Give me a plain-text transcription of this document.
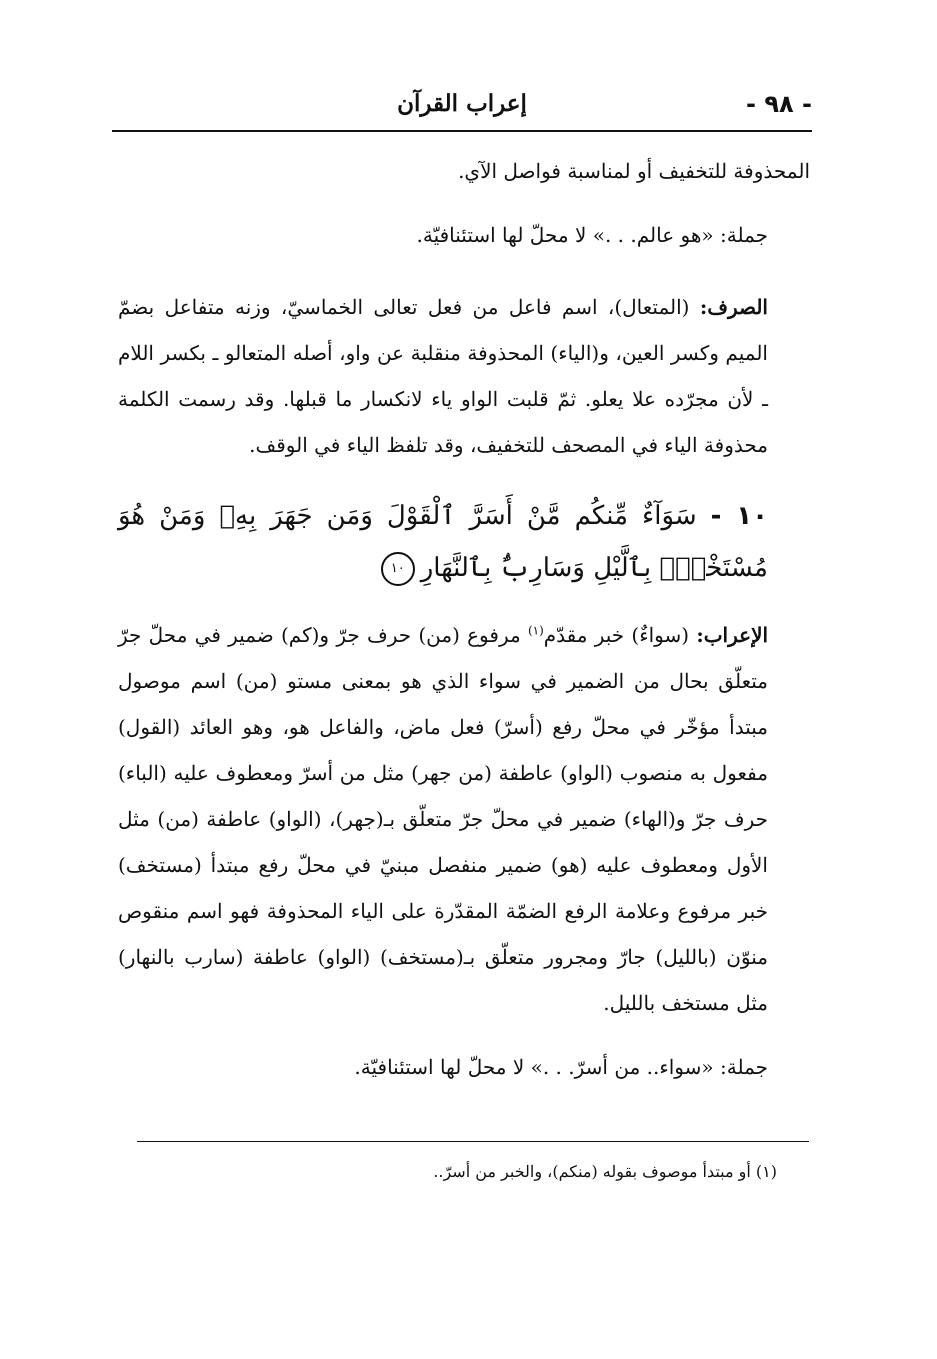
- ٩٨ -
إعراب القرآن

المحذوفة للتخفيف أو لمناسبة فواصل الآي.

جملة: «هو عالم. . .» لا محلّ لها استئنافيّة.

الصرف: (المتعال)، اسم فاعل من فعل تعالى الخماسيّ، وزنه متفاعل بضمّ الميم وكسر العين، و(الياء) المحذوفة منقلبة عن واو، أصله المتعالو ـ بكسر اللام ـ لأن مجرّده علا يعلو. ثمّ قلبت الواو ياء لانكسار ما قبلها. وقد رسمت الكلمة محذوفة الياء في المصحف للتخفيف، وقد تلفظ الياء في الوقف.

١٠ -سَوَآءٌ مِّنكُم مَّنْ أَسَرَّ ٱلْقَوْلَ وَمَن جَهَرَ بِهِۦ وَمَنْ هُوَ مُسْتَخْفٍۭ بِٱلَّيْلِ وَسَارِبٌۢ بِٱلنَّهَارِ١٠

الإعراب: (سواءٌ) خبر مقدّم$^{(١)}$ مرفوع (من) حرف جرّ و(كم) ضمير في محلّ جرّ متعلّق بحال من الضمير في سواء الذي هو بمعنى مستو (من) اسم موصول مبتدأ مؤخّر في محلّ رفع (أسرّ) فعل ماض، والفاعل هو، وهو العائد (القول) مفعول به منصوب (الواو) عاطفة (من جهر) مثل من أسرّ ومعطوف عليه (الباء) حرف جرّ و(الهاء) ضمير في محلّ جرّ متعلّق بـ(جهر)، (الواو) عاطفة (من) مثل الأول ومعطوف عليه (هو) ضمير منفصل مبنيّ في محلّ رفع مبتدأ (مستخف) خبر مرفوع وعلامة الرفع الضمّة المقدّرة على الياء المحذوفة فهو اسم منقوص منوّن (بالليل) جارّ ومجرور متعلّق بـ(مستخف) (الواو) عاطفة (سارب بالنهار) مثل مستخف بالليل.

جملة: «سواء.. من أسرّ. . .» لا محلّ لها استئنافيّة.

(١) أو مبتدأ موصوف بقوله (منكم)، والخبر من أسرّ..
